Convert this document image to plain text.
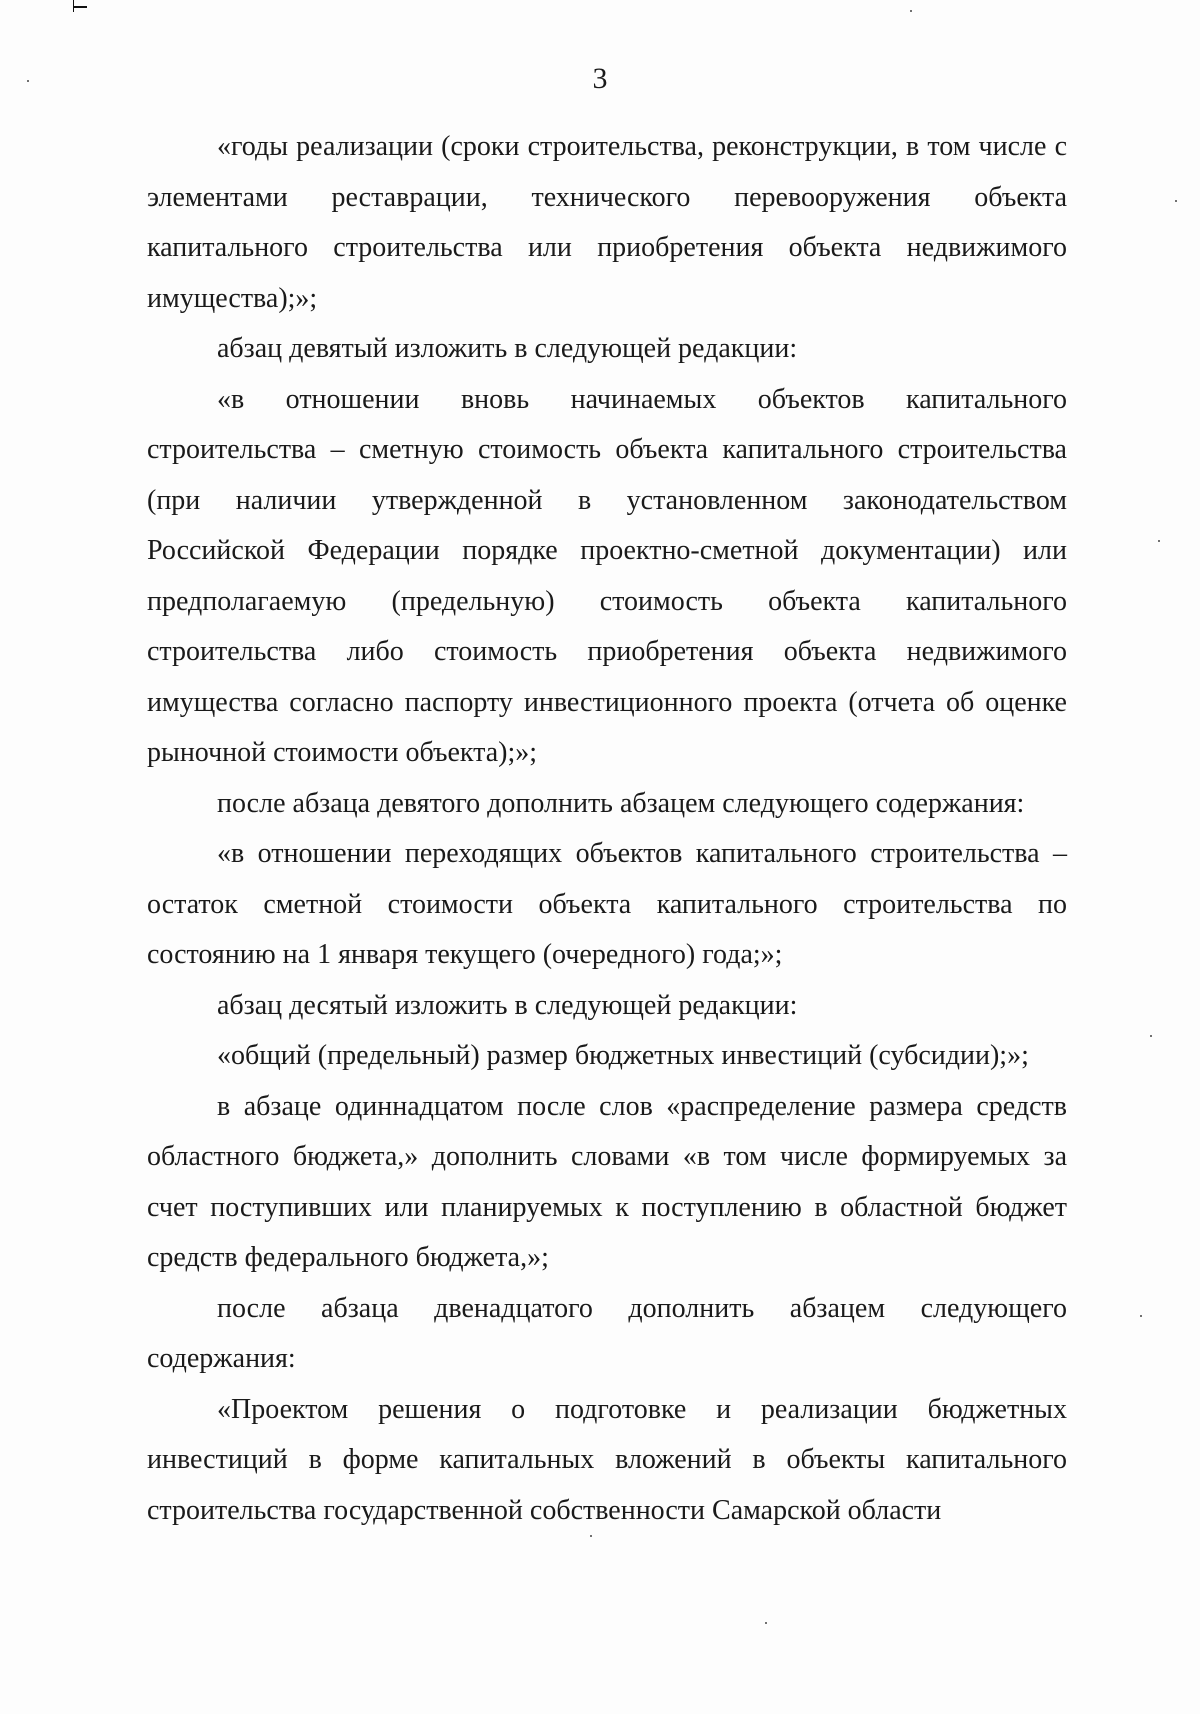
3

«годы реализации (сроки строительства, реконструкции, в том числе с элементами реставрации, технического перевооружения объекта капитального строительства или приобретения объекта недвижимого имущества);»;

абзац девятый изложить в следующей редакции:

«в отношении вновь начинаемых объектов капитального строительства – сметную стоимость объекта капитального строительства (при наличии утвержденной в установленном законодательством Российской Федерации порядке проектно-сметной документации) или предполагаемую (предельную) стоимость объекта капитального строительства либо стоимость приобретения объекта недвижимого имущества согласно паспорту инвестиционного проекта (отчета об оценке рыночной стоимости объекта);»;

после абзаца девятого дополнить абзацем следующего содержания:

«в отношении переходящих объектов капитального строительства – остаток сметной стоимости объекта капитального строительства по состоянию на 1 января текущего (очередного) года;»;

абзац десятый изложить в следующей редакции:

«общий (предельный) размер бюджетных инвестиций (субсидии);»;

в абзаце одиннадцатом после слов «распределение размера средств областного бюджета,» дополнить словами «в том числе формируемых за счет поступивших или планируемых к поступлению в областной бюджет средств федерального бюджета,»;

после абзаца двенадцатого дополнить абзацем следующего содержания:

«Проектом решения о подготовке и реализации бюджетных инвестиций в форме капитальных вложений в объекты капитального строительства государственной собственности Самарской области
